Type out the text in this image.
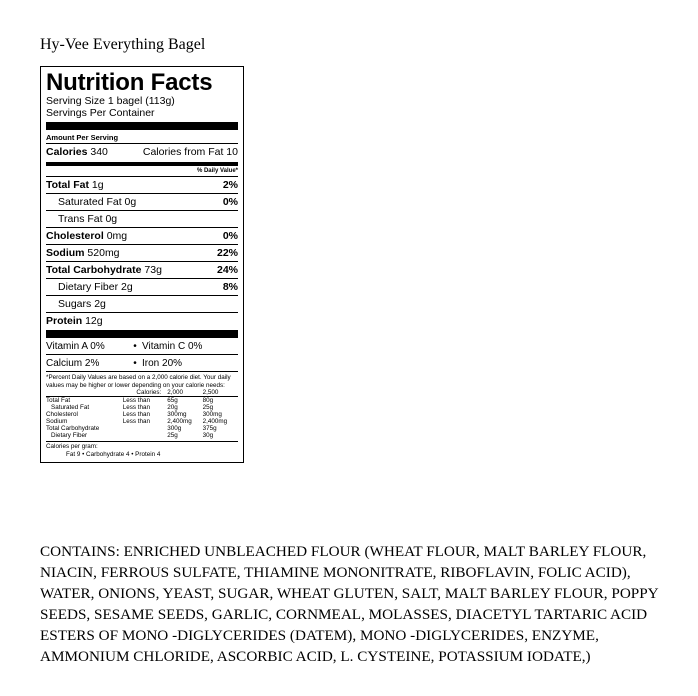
Hy-Vee Everything Bagel
Nutrition Facts
Serving Size 1 bagel (113g)
Servings Per Container
Amount Per Serving
Calories 340	Calories from Fat 10
% Daily Value*
Total Fat 1g	2%
Saturated Fat 0g	0%
Trans Fat 0g
Cholesterol 0mg	0%
Sodium 520mg	22%
Total Carbohydrate 73g	24%
Dietary Fiber 2g	8%
Sugars 2g
Protein 12g
Vitamin A 0%	• Vitamin C 0%
Calcium 2%	• Iron 20%
*Percent Daily Values are based on a 2,000 calorie diet. Your daily values may be higher or lower depending on your calorie needs:
	Calories:	2,000	2,500
Total Fat	Less than	65g	80g
Saturated Fat	Less than	20g	25g
Cholesterol	Less than	300mg	300mg
Sodium	Less than	2,400mg	2,400mg
Total Carbohydrate		300g	375g
Dietary Fiber		25g	30g
Calories per gram:
Fat 9 • Carbohydrate 4 • Protein 4
CONTAINS: ENRICHED UNBLEACHED FLOUR (WHEAT FLOUR, MALT BARLEY FLOUR, NIACIN, FERROUS SULFATE, THIAMINE MONONITRATE, RIBOFLAVIN, FOLIC ACID), WATER, ONIONS, YEAST, SUGAR, WHEAT GLUTEN, SALT, MALT BARLEY FLOUR, POPPY SEEDS, SESAME SEEDS, GARLIC, CORNMEAL, MOLASSES, DIACETYL TARTARIC ACID ESTERS OF MONO -DIGLYCERIDES (DATEM), MONO -DIGLYCERIDES, ENZYME, AMMONIUM CHLORIDE, ASCORBIC ACID, L. CYSTEINE, POTASSIUM IODATE,)
